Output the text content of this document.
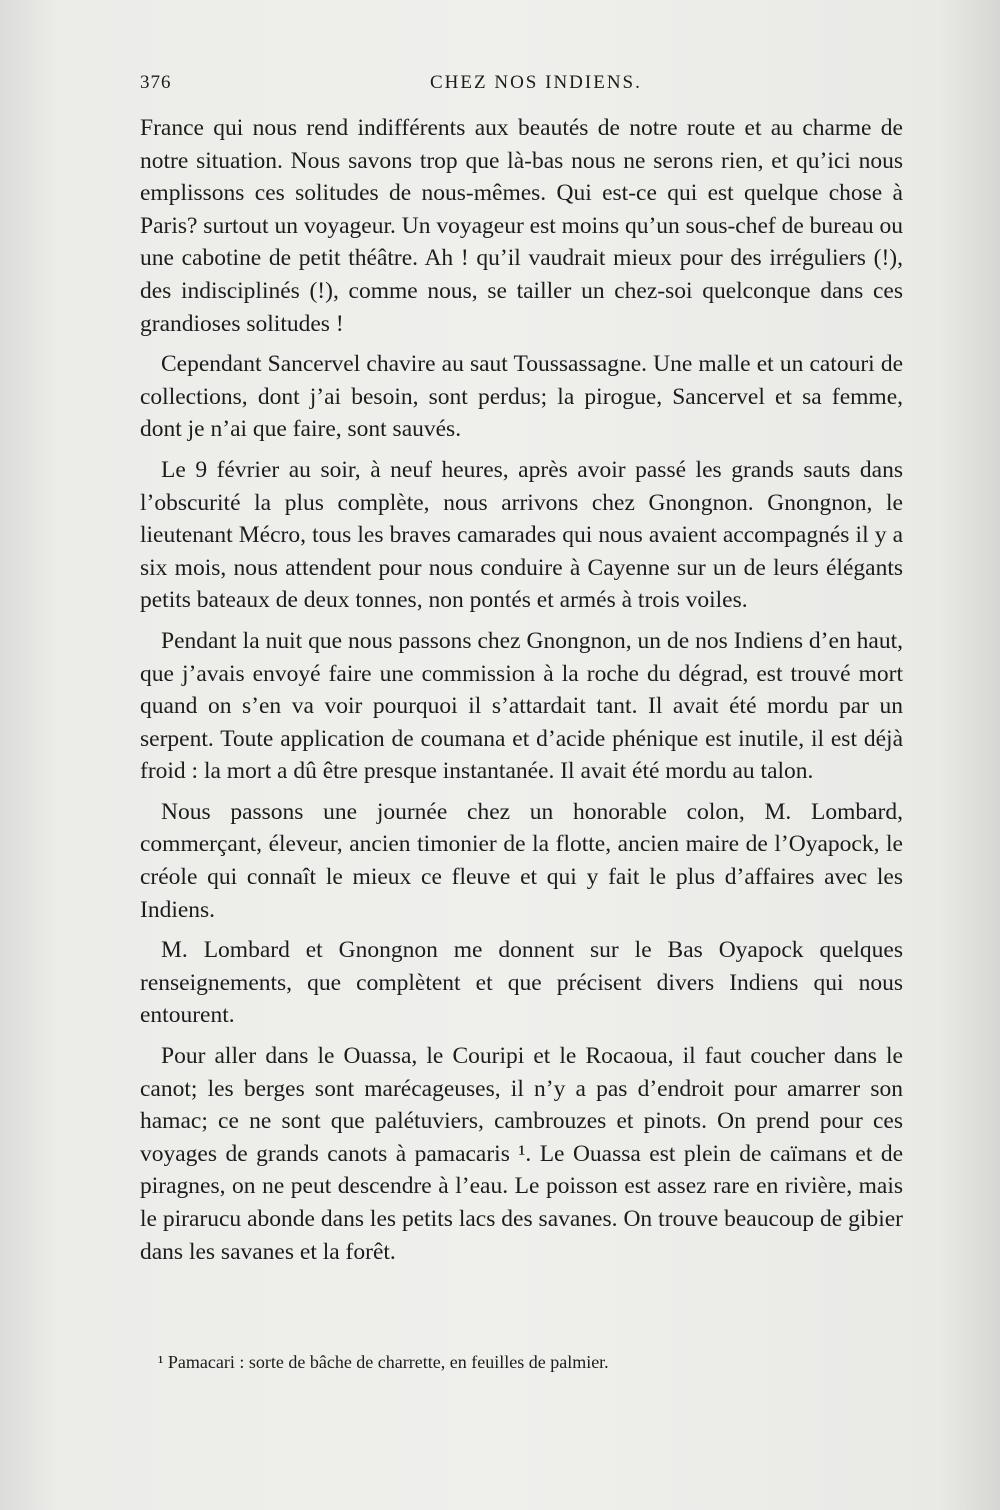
376	CHEZ NOS INDIENS.

France qui nous rend indifférents aux beautés de notre route et au charme de notre situation. Nous savons trop que là-bas nous ne serons rien, et qu’ici nous emplissons ces solitudes de nous-mêmes. Qui est-ce qui est quelque chose à Paris? surtout un voyageur. Un voyageur est moins qu’un sous-chef de bureau ou une cabotine de petit théâtre. Ah ! qu’il vaudrait mieux pour des irréguliers (!), des indisciplinés (!), comme nous, se tailler un chez-soi quelconque dans ces grandioses solitudes !

Cependant Sancervel chavire au saut Toussassagne. Une malle et un catouri de collections, dont j’ai besoin, sont perdus; la pirogue, Sancervel et sa femme, dont je n’ai que faire, sont sauvés.

Le 9 février au soir, à neuf heures, après avoir passé les grands sauts dans l’obscurité la plus complète, nous arrivons chez Gnongnon. Gnongnon, le lieutenant Mécro, tous les braves camarades qui nous avaient accompagnés il y a six mois, nous attendent pour nous conduire à Cayenne sur un de leurs élégants petits bateaux de deux tonnes, non pontés et armés à trois voiles.

Pendant la nuit que nous passons chez Gnongnon, un de nos Indiens d’en haut, que j’avais envoyé faire une commission à la roche du dégrad, est trouvé mort quand on s’en va voir pourquoi il s’attardait tant. Il avait été mordu par un serpent. Toute application de coumana et d’acide phénique est inutile, il est déjà froid : la mort a dû être presque instantanée. Il avait été mordu au talon.

Nous passons une journée chez un honorable colon, M. Lombard, commerçant, éleveur, ancien timonier de la flotte, ancien maire de l’Oyapock, le créole qui connaît le mieux ce fleuve et qui y fait le plus d’affaires avec les Indiens.

M. Lombard et Gnongnon me donnent sur le Bas Oyapock quelques renseignements, que complètent et que précisent divers Indiens qui nous entourent.

Pour aller dans le Ouassa, le Couripi et le Rocaoua, il faut coucher dans le canot; les berges sont marécageuses, il n’y a pas d’endroit pour amarrer son hamac; ce ne sont que palétuviers, cambrouzes et pinots. On prend pour ces voyages de grands canots à pamacaris ¹. Le Ouassa est plein de caïmans et de piragnes, on ne peut descendre à l’eau. Le poisson est assez rare en rivière, mais le pirarucu abonde dans les petits lacs des savanes. On trouve beaucoup de gibier dans les savanes et la forêt.

¹ Pamacari : sorte de bâche de charrette, en feuilles de palmier.
